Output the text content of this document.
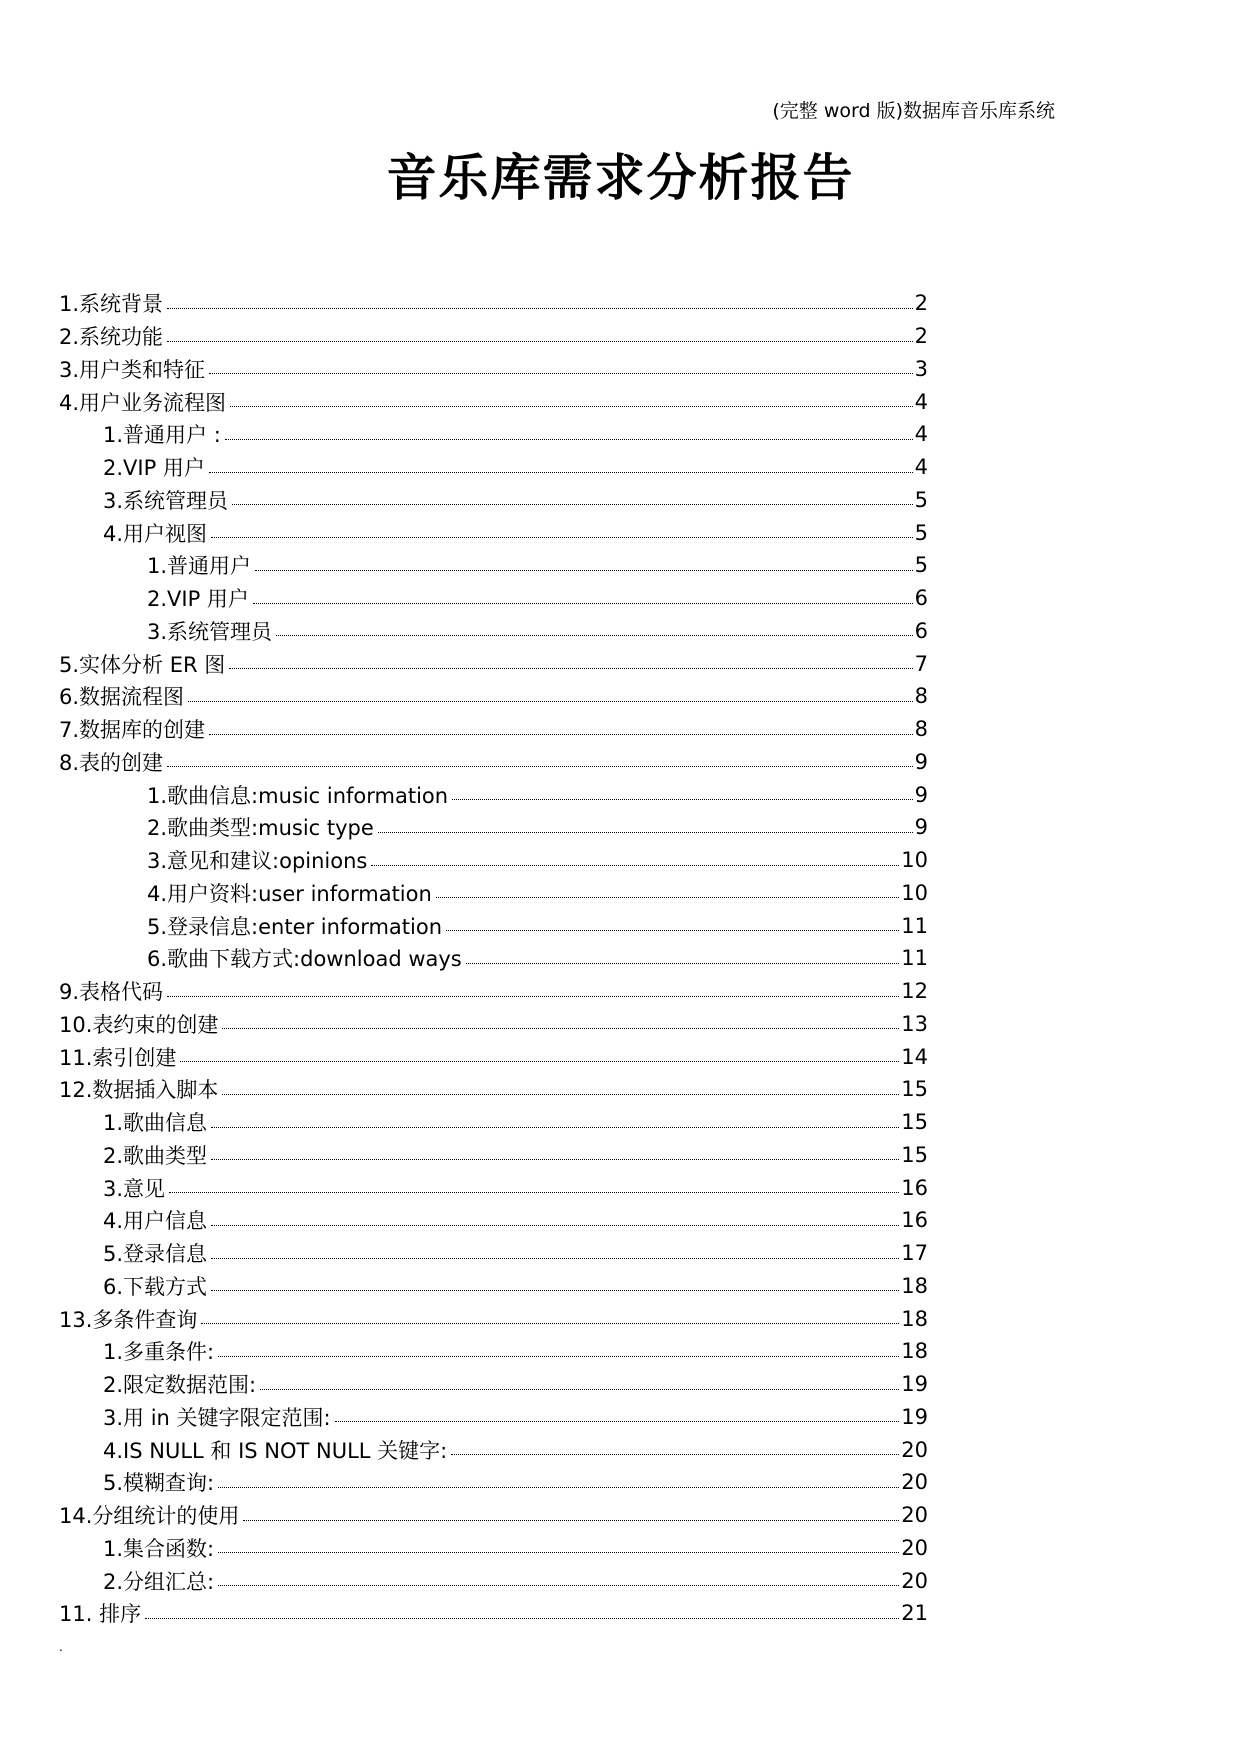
(完整 word 版)数据库音乐库系统
音乐库需求分析报告
1.系统背景	2
2.系统功能	2
3.用户类和特征	3
4.用户业务流程图	4
1.普通用户 :	4
2.VIP 用户	4
3.系统管理员	5
4.用户视图	5
1.普通用户	5
2.VIP 用户	6
3.系统管理员	6
5.实体分析 ER 图	7
6.数据流程图	8
7.数据库的创建	8
8.表的创建	9
1.歌曲信息:music information	9
2.歌曲类型:music type	9
3.意见和建议:opinions	10
4.用户资料:user information	10
5.登录信息:enter information	11
6.歌曲下载方式:download ways	11
9.表格代码	12
10.表约束的创建	13
11.索引创建	14
12.数据插入脚本	15
1.歌曲信息	15
2.歌曲类型	15
3.意见	16
4.用户信息	16
5.登录信息	17
6.下载方式	18
13.多条件查询	18
1.多重条件:	18
2.限定数据范围:	19
3.用 in 关键字限定范围:	19
4.IS NULL 和 IS NOT NULL 关键字:	20
5.模糊查询:	20
14.分组统计的使用	20
1.集合函数:	20
2.分组汇总:	20
11. 排序	21
.
